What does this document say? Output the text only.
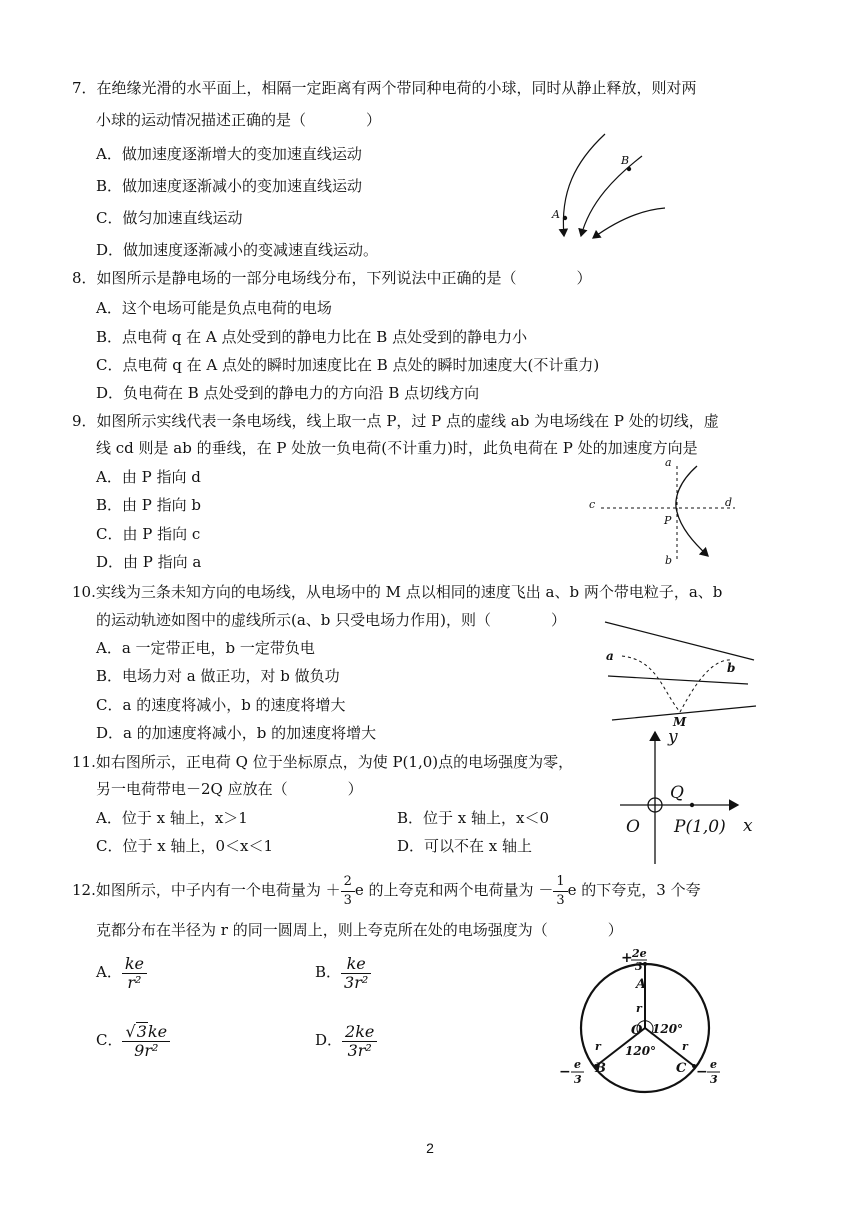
7．在绝缘光滑的水平面上，相隔一定距离有两个带同种电荷的小球，同时从静止释放，则对两
小球的运动情况描述正确的是（　　　　）
A．做加速度逐渐增大的变加速直线运动
B．做加速度逐渐减小的变加速直线运动
C．做匀加速直线运动
D．做加速度逐渐减小的变减速直线运动。
A
B
8．如图所示是静电场的一部分电场线分布，下列说法中正确的是（　　　　）
A．这个电场可能是负点电荷的电场
B．点电荷 q 在 A 点处受到的静电力比在 B 点处受到的静电力小
C．点电荷 q 在 A 点处的瞬时加速度比在 B 点处的瞬时加速度大(不计重力)
D．负电荷在 B 点处受到的静电力的方向沿 B 点切线方向
9．如图所示实线代表一条电场线，线上取一点 P，过 P 点的虚线 ab 为电场线在 P 处的切线，虚
线 cd 则是 ab 的垂线，在 P 处放一负电荷(不计重力)时，此负电荷在 P 处的加速度方向是
A．由 P 指向 d
B．由 P 指向 b
C．由 P 指向 c
D．由 P 指向 a
a
b
c	d
P
10.实线为三条未知方向的电场线，从电场中的 M 点以相同的速度飞出 a、b 两个带电粒子，a、b
的运动轨迹如图中的虚线所示(a、b 只受电场力作用)，则（　　　　）
A．a 一定带正电，b 一定带负电
B．电场力对 a 做正功，对 b 做负功
C．a 的速度将减小，b 的速度将增大
D．a 的加速度将减小，b 的加速度将增大
a
b
M
11.如右图所示，正电荷 Q 位于坐标原点，为使 P(1,0)点的电场强度为零，
另一电荷带电－2Q 应放在（　　　　）
A．位于 x 轴上，x＞1	B．位于 x 轴上，x＜0
C．位于 x 轴上，0＜x＜1	D．可以不在 x 轴上
y
Q
O P(1,0) x
12.如图所示，中子内有一个电荷量为 ＋ $\frac{2}{3}$ e 的上夸克和两个电荷量为 － $\frac{1}{3}$ e 的下夸克，3 个夸
克都分布在半径为 r 的同一圆周上，则上夸克所在处的电场强度为（　　　　）
A． $\frac{ke}{\text{r²}}$	B． $\frac{ke}{\text{3r²}}$
C． $\frac{√3ke}{\text{9r²}}$	D． $\frac{2ke}{\text{3r²}}$
A
r
O 120°
120°
r	r
B	C
+ 2e
3
− e
3	− e
3
2
